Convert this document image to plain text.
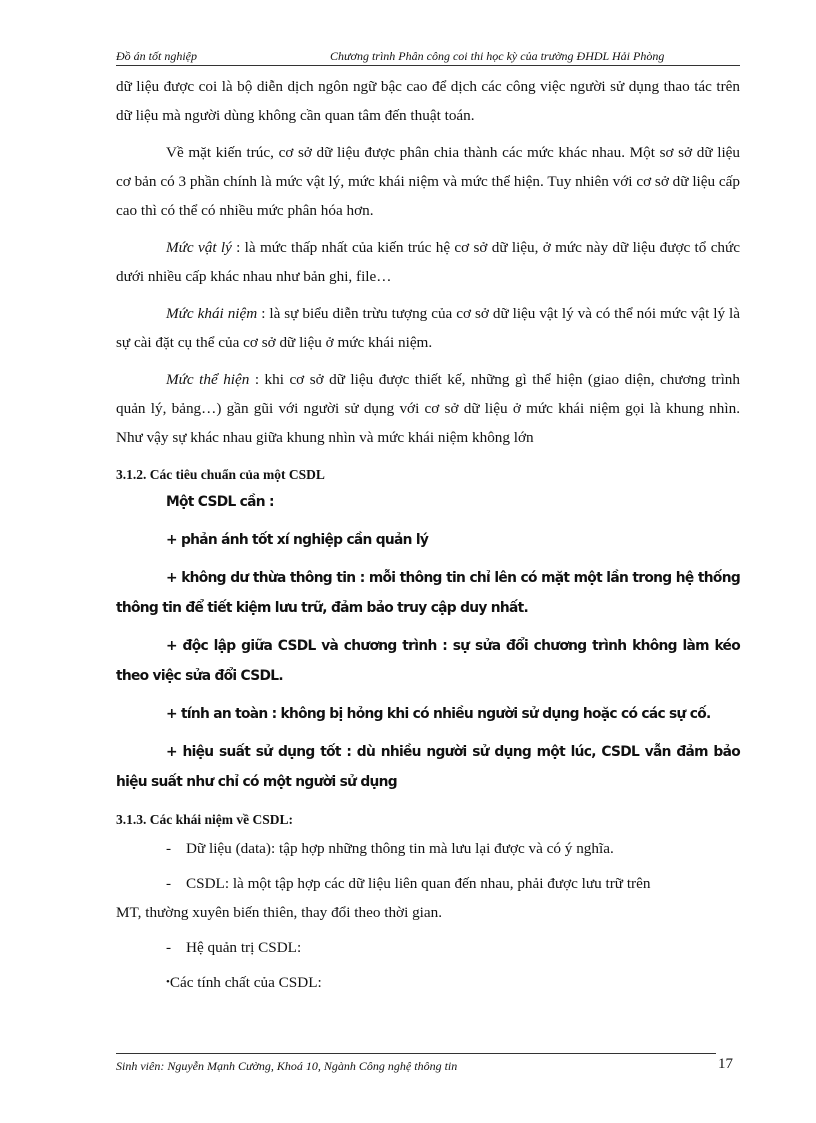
Đồ án tốt nghiệp	Chương trình Phân công coi thi học kỳ của trường ĐHDL Hải Phòng

dữ liệu được coi là bộ diễn dịch ngôn ngữ bậc cao để dịch các công việc người sử dụng thao tác trên dữ liệu mà người dùng không cần quan tâm đến thuật toán.

Về mặt kiến trúc, cơ sở dữ liệu được phân chia thành các mức khác nhau. Một sơ sở dữ liệu cơ bản có 3 phần chính là mức vật lý, mức khái niệm và mức thể hiện. Tuy nhiên với cơ sở dữ liệu cấp cao thì có thể có nhiều mức phân hóa hơn.

Mức vật lý : là mức thấp nhất của kiến trúc hệ cơ sở dữ liệu, ở mức này dữ liệu được tổ chức dưới nhiều cấp khác nhau như bản ghi, file…

Mức khái niệm : là sự biểu diễn trừu tượng của cơ sở dữ liệu vật lý và có thể nói mức vật lý là sự cài đặt cụ thể của cơ sở dữ liệu ở mức khái niệm.

Mức thể hiện : khi cơ sở dữ liệu được thiết kế, những gì thể hiện (giao diện, chương trình quản lý, bảng…) gần gũi với người sử dụng với cơ sở dữ liệu ở mức khái niệm gọi là khung nhìn. Như vậy sự khác nhau giữa khung nhìn và mức khái niệm không lớn

3.1.2. Các tiêu chuẩn của một CSDL

Một CSDL cần :

+ phản ánh tốt xí nghiệp cần quản lý

+ không dư thừa thông tin : mỗi thông tin chỉ lên có mặt một lần trong hệ thống thông tin để tiết kiệm lưu trữ, đảm bảo truy cập duy nhất.

+ độc lập giữa CSDL và chương trình : sự sửa đổi chương trình không làm kéo theo việc sửa đổi CSDL.

+ tính an toàn : không bị hỏng khi có nhiều người sử dụng hoặc có các sự cố.

+ hiệu suất sử dụng tốt : dù nhiều người sử dụng một lúc, CSDL vẫn đảm bảo hiệu suất như chỉ có một người sử dụng

3.1.3. Các khái niệm về CSDL:
- Dữ liệu (data): tập hợp những thông tin mà lưu lại được và có ý nghĩa.
- CSDL: là một tập hợp các dữ liệu liên quan đến nhau, phải được lưu trữ trên

MT, thường xuyên biến thiên, thay đổi theo thời gian.

- Hệ quản trị CSDL:
•Các tính chất của CSDL:
Sinh viên: Nguyễn Mạnh Cường, Khoá 10, Ngành Công nghệ thông tin	17
